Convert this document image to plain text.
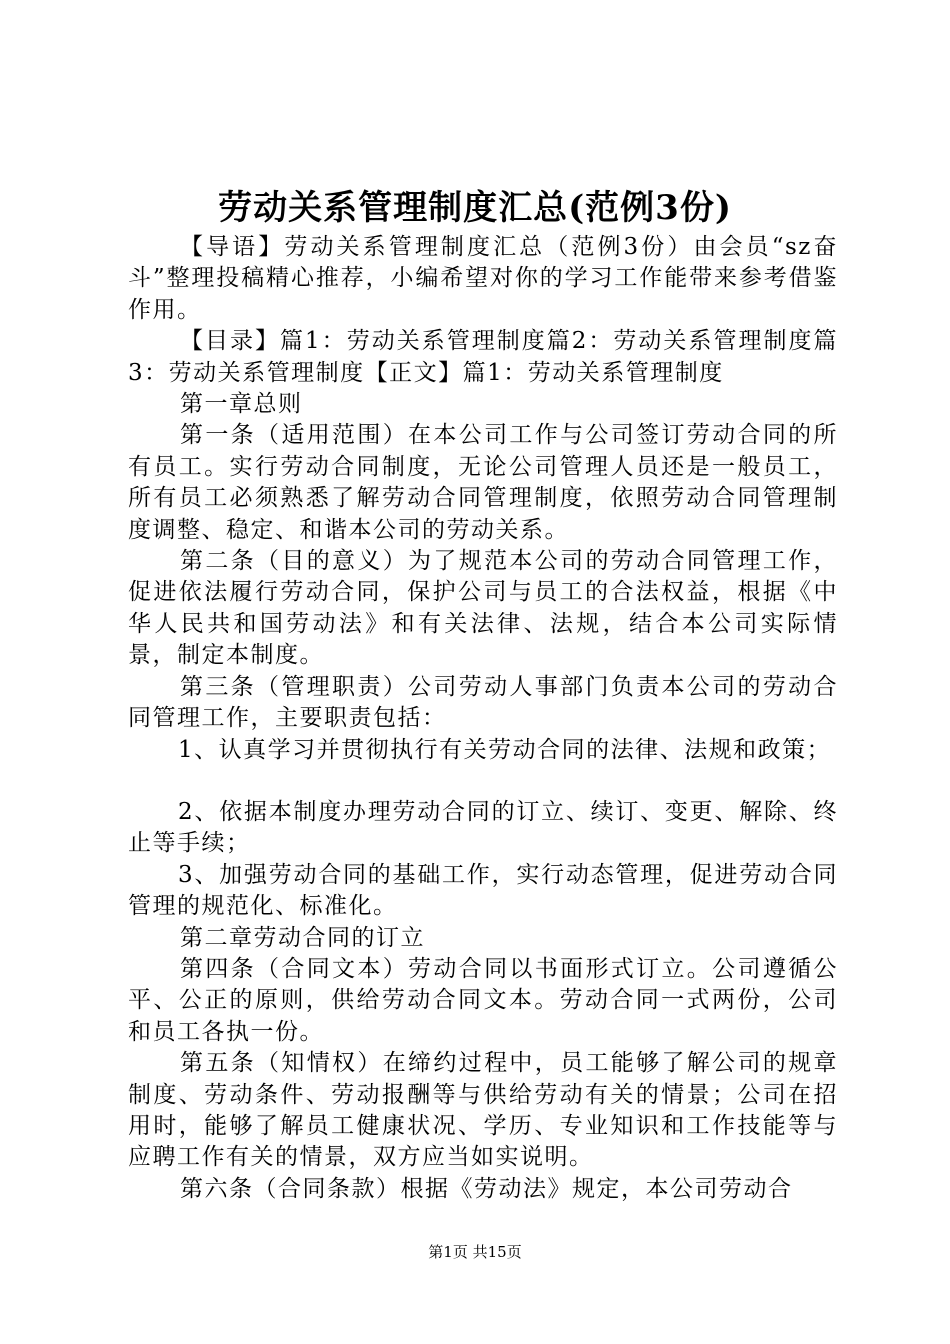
劳动关系管理制度汇总(范例3份)

【导语】劳动关系管理制度汇总（范例3份）由会员“sz奋斗”整理投稿精心推荐，小编希望对你的学习工作能带来参考借鉴作用。

【目录】篇1：劳动关系管理制度篇2：劳动关系管理制度篇3：劳动关系管理制度【正文】篇1：劳动关系管理制度

第一章总则

第一条（适用范围）在本公司工作与公司签订劳动合同的所有员工。实行劳动合同制度，无论公司管理人员还是一般员工，所有员工必须熟悉了解劳动合同管理制度，依照劳动合同管理制度调整、稳定、和谐本公司的劳动关系。

第二条（目的意义）为了规范本公司的劳动合同管理工作，促进依法履行劳动合同，保护公司与员工的合法权益，根据《中华人民共和国劳动法》和有关法律、法规，结合本公司实际情景，制定本制度。

第三条（管理职责）公司劳动人事部门负责本公司的劳动合同管理工作，主要职责包括：

1、认真学习并贯彻执行有关劳动合同的法律、法规和政策；

2、依据本制度办理劳动合同的订立、续订、变更、解除、终止等手续；

3、加强劳动合同的基础工作，实行动态管理，促进劳动合同管理的规范化、标准化。

第二章劳动合同的订立

第四条（合同文本）劳动合同以书面形式订立。公司遵循公平、公正的原则，供给劳动合同文本。劳动合同一式两份，公司和员工各执一份。

第五条（知情权）在缔约过程中，员工能够了解公司的规章制度、劳动条件、劳动报酬等与供给劳动有关的情景；公司在招用时，能够了解员工健康状况、学历、专业知识和工作技能等与应聘工作有关的情景，双方应当如实说明。

第六条（合同条款）根据《劳动法》规定，本公司劳动合

第1页 共15页
